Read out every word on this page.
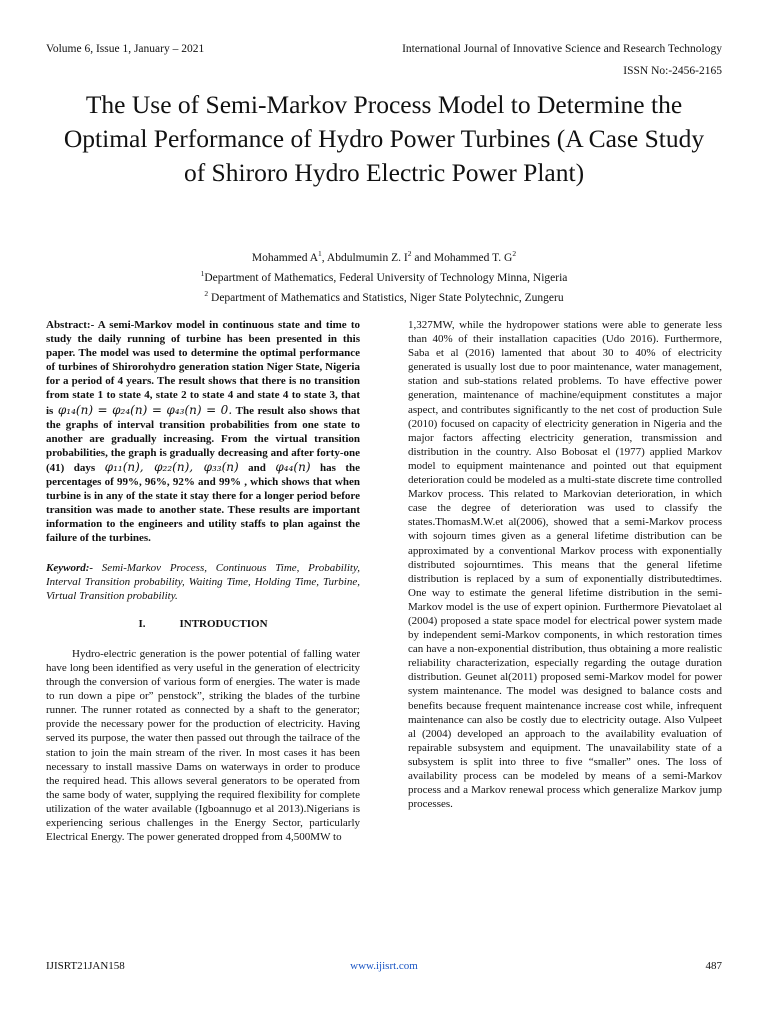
Volume 6, Issue 1, January – 2021	International Journal of Innovative Science and Research Technology
ISSN No:-2456-2165
The Use of Semi-Markov Process Model to Determine the Optimal Performance of Hydro Power Turbines (A Case Study of Shiroro Hydro Electric Power Plant)
Mohammed $A^1$, Abdulmumin Z. $I^2$ and Mohammed T. $G^2$
$^1$Department of Mathematics, Federal University of Technology Minna, Nigeria
$^2$ Department of Mathematics and Statistics, Niger State Polytechnic, Zungeru

Abstract:- A semi-Markov model in continuous state and time to study the daily running of turbine has been presented in this paper. The model was used to determine the optimal performance of turbines of Shirorohydro generation station Niger State, Nigeria for a period of 4 years. The result shows that there is no transition from state 1 to state 4, state 2 to state 4 and state 4 to state 3, that is φ₁₄(n) = φ₂₄(n) = φ₄₃(n) = 0. The result also shows that the graphs of interval transition probabilities from one state to another are gradually increasing. From the virtual transition probabilities, the graph is gradually decreasing and after forty-one (41) days φ₁₁(n), φ₂₂(n), φ₃₃(n) and φ₄₄(n) has the percentages of 99%, 96%, 92% and 99% , which shows that when turbine is in any of the state it stay there for a longer period before transition was made to another state. These results are important information to the engineers and utility staffs to plan against the failure of the turbines.

Keyword:- Semi-Markov Process, Continuous Time, Probability, Interval Transition probability, Waiting Time, Holding Time, Turbine, Virtual Transition probability.
I.	INTRODUCTION

Hydro-electric generation is the power potential of falling water have long been identified as very useful in the generation of electricity through the conversion of various form of energies. The water is made to run down a pipe or” penstock”, striking the blades of the turbine runner. The runner rotated as connected by a shaft to the generator; provide the necessary power for the production of electricity. Having served its purpose, the water then passed out through the tailrace of the station to join the main stream of the river. In most cases it has been necessary to install massive Dams on waterways in order to produce the required head. This allows several generators to be operated from the same body of water, supplying the required flexibility for complete utilization of the water available (Igboannugo et al 2013).Nigerians is experiencing serious challenges in the Energy Sector, particularly Electrical Energy. The power generated dropped from 4,500MW to

1,327MW, while the hydropower stations were able to generate less than 40% of their installation capacities (Udo 2016). Furthermore, Saba et al (2016) lamented that about 30 to 40% of electricity generated is usually lost due to poor maintenance, water management, station and sub-stations related problems. To have effective power generation, maintenance of machine/equipment constitutes a major aspect, and contributes significantly to the net cost of production Sule (2010) focused on capacity of electricity generation in Nigeria and the major factors affecting electricity generation, transmission and distribution in the country. Also Bobosat el (1977) applied Markov model to equipment maintenance and pointed out that equipment deterioration could be modeled as a multi-state discrete time controlled Markov process. This related to Markovian deterioration, in which case the degree of deterioration was used to classify the states.ThomasM.W.et al(2006), showed that a semi-Markov process with sojourn times given as a general lifetime distribution can be approximated by a conventional Markov process with exponentially distributed sojourntimes. This means that the general lifetime distribution is replaced by a sum of exponentially distributedtimes. One way to estimate the general lifetime distribution in the semi-Markov model is the use of expert opinion. Furthermore Pievatolaet al (2004) proposed a state space model for electrical power system made by independent semi-Markov components, in which restoration times can have a non-exponential distribution, thus obtaining a more realistic reliability characterization, especially regarding the outage duration distribution. Geunet al(2011) proposed semi-Markov model for power system maintenance. The model was designed to balance costs and benefits because frequent maintenance increase cost while, infrequent maintenance can also be costly due to electricity outage. Also Vulpeet al (2004) developed an approach to the availability evaluation of repairable subsystem and equipment. The unavailability state of a subsystem is split into three to five “smaller” ones. The loss of availability process can be modeled by means of a semi-Markov process and a Markov renewal process which generalize Markov jump processes.

IJISRT21JAN158	www.ijisrt.com	487
